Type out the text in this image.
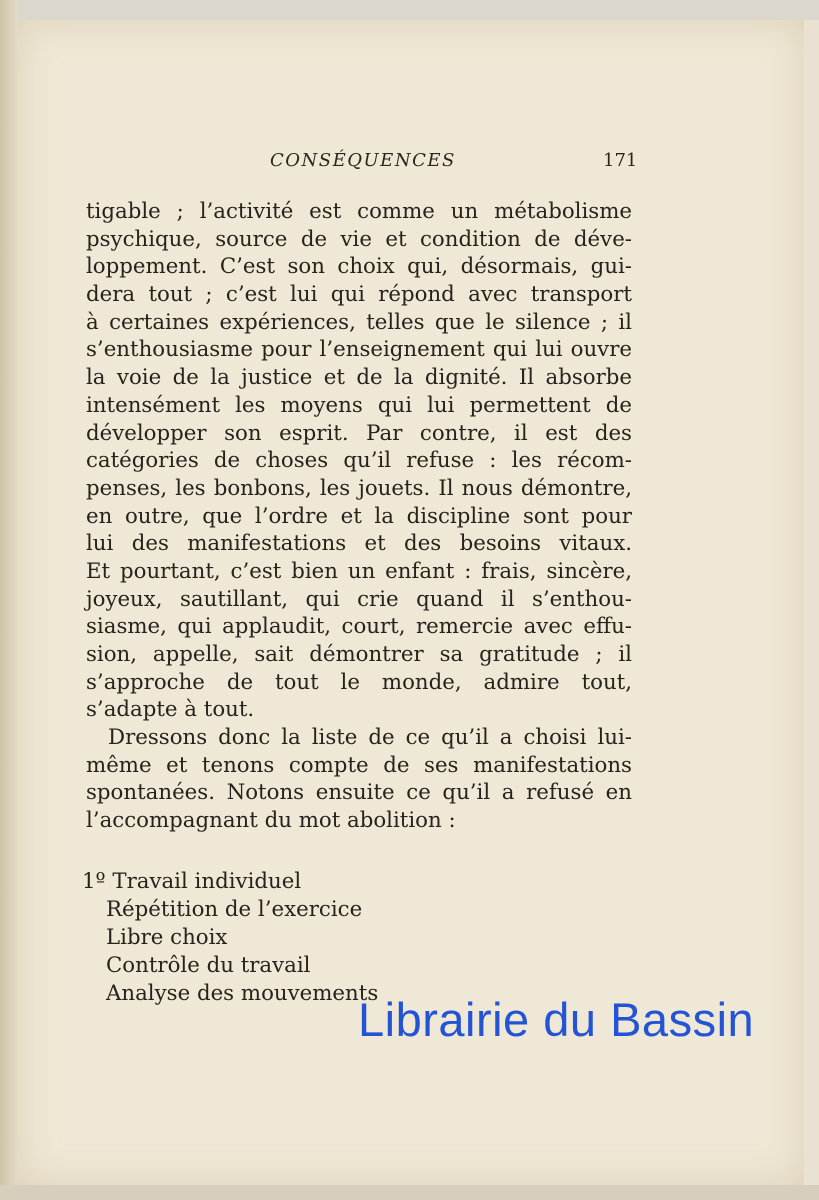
CONSÉQUENCES	171
tigable ; l’activité est comme un métabolisme
psychique, source de vie et condition de déve-
loppement. C’est son choix qui, désormais, gui-
dera tout ; c’est lui qui répond avec transport
à certaines expériences, telles que le silence ; il
s’enthousiasme pour l’enseignement qui lui ouvre
la voie de la justice et de la dignité. Il absorbe
intensément les moyens qui lui permettent de
développer son esprit. Par contre, il est des
catégories de choses qu’il refuse : les récom-
penses, les bonbons, les jouets. Il nous démontre,
en outre, que l’ordre et la discipline sont pour
lui des manifestations et des besoins vitaux.
Et pourtant, c’est bien un enfant : frais, sincère,
joyeux, sautillant, qui crie quand il s’enthou-
siasme, qui applaudit, court, remercie avec effu-
sion, appelle, sait démontrer sa gratitude ; il
s’approche de tout le monde, admire tout,
s’adapte à tout.
Dressons donc la liste de ce qu’il a choisi lui-
même et tenons compte de ses manifestations
spontanées. Notons ensuite ce qu’il a refusé en
l’accompagnant du mot abolition :
1º Travail individuel
Répétition de l’exercice
Libre choix
Contrôle du travail
Analyse des mouvements
Librairie du Bassin
